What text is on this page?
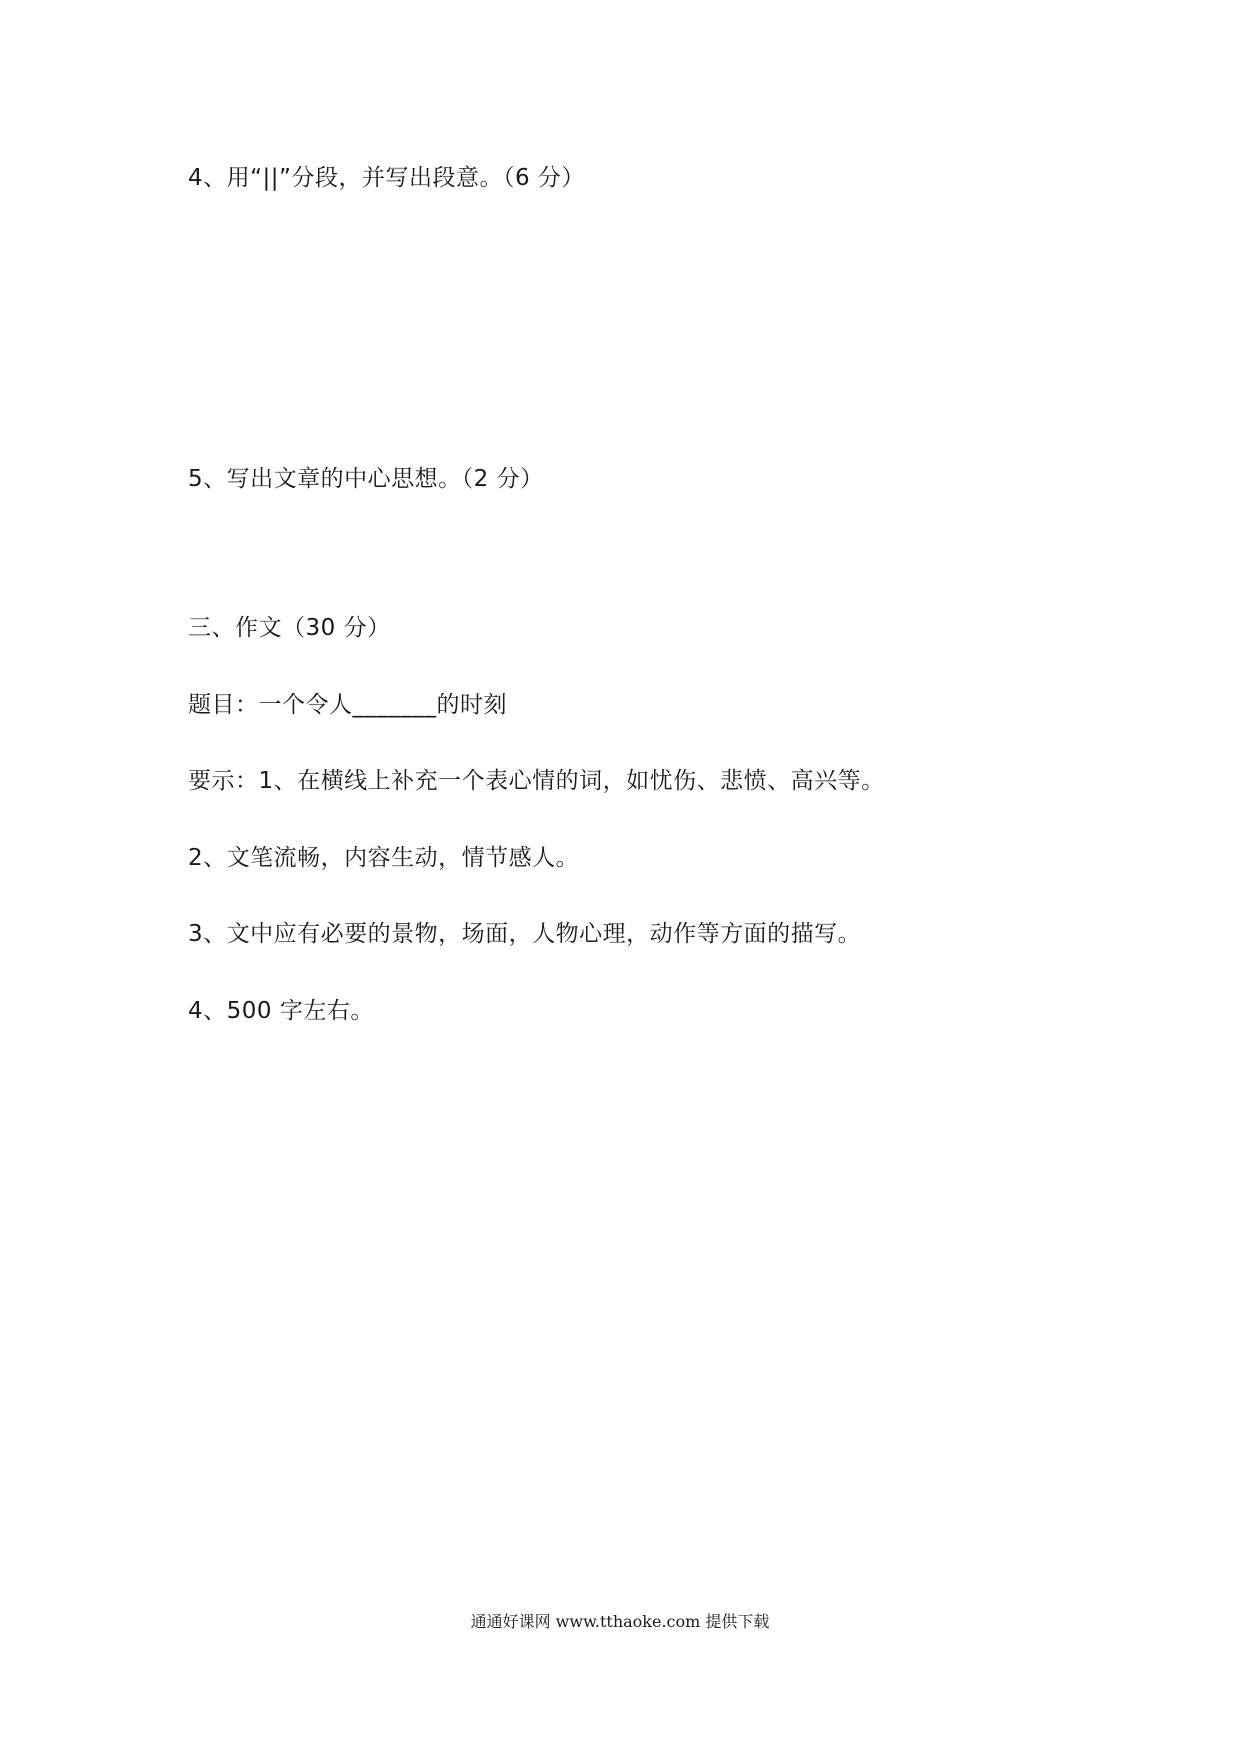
4、用“||”分段，并写出段意。（6 分）
5、写出文章的中心思想。（2 分）
三、作文（30 分）
题目：一个令人_______的时刻
要示：1、在横线上补充一个表心情的词，如忧伤、悲愤、高兴等。
2、文笔流畅，内容生动，情节感人。
3、文中应有必要的景物，场面，人物心理，动作等方面的描写。
4、500 字左右。
通通好课网 www.tthaoke.com 提供下载
